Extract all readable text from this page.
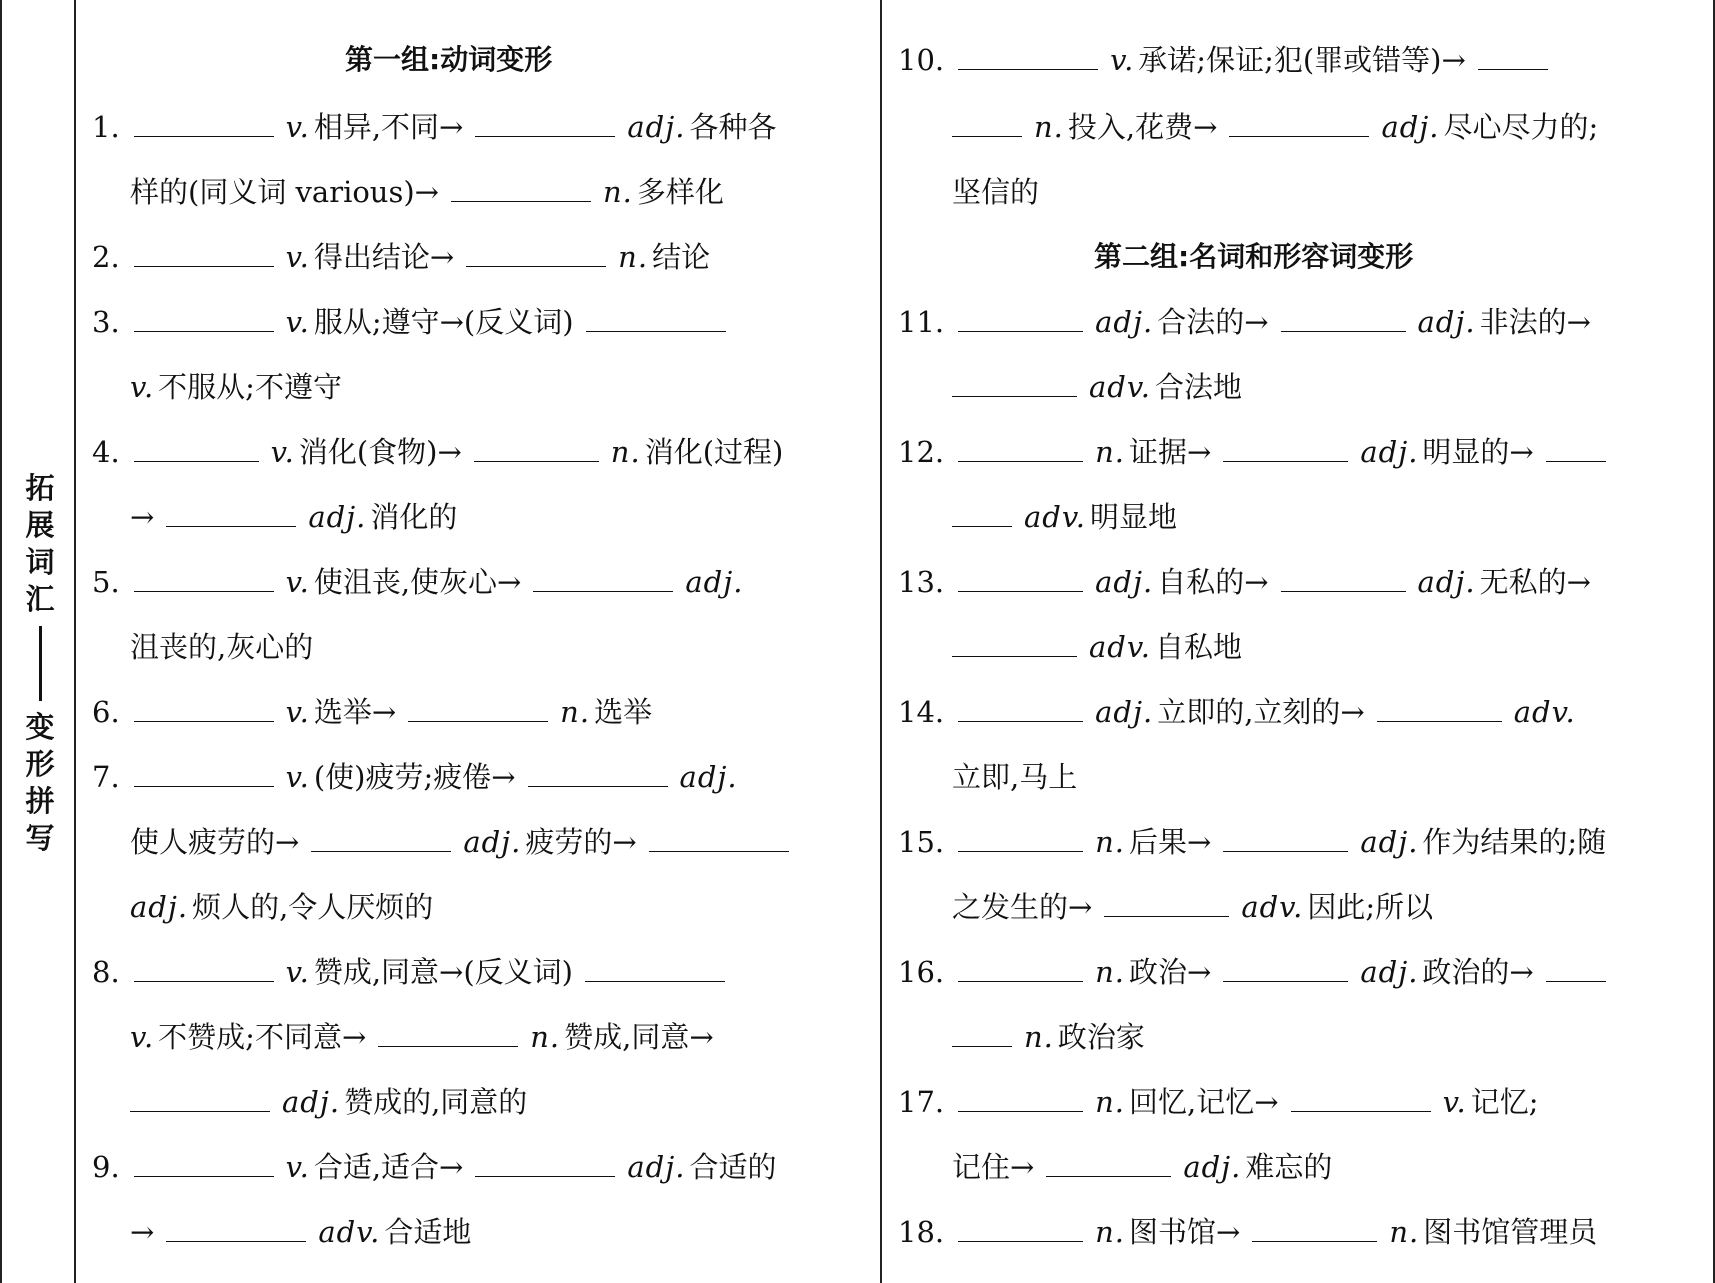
拓
展
词
汇
变
形
拼
写
第一组:动词变形
1.	v. 相异,不同→	adj. 各种各
样的(同义词 various)→	n. 多样化
2.	v. 得出结论→	n. 结论
3.	v. 服从;遵守→(反义词)
v. 不服从;不遵守
4.	v. 消化(食物)→	n. 消化(过程)
→	adj. 消化的
5.	v. 使沮丧,使灰心→	adj.
沮丧的,灰心的
6.	v. 选举→	n. 选举
7.	v. (使)疲劳;疲倦→	adj.
使人疲劳的→	adj. 疲劳的→
adj. 烦人的,令人厌烦的
8.	v. 赞成,同意→(反义词)
v. 不赞成;不同意→	n. 赞成,同意→
adj. 赞成的,同意的
9.	v. 合适,适合→	adj. 合适的
→	adv. 合适地
10.	v. 承诺;保证;犯(罪或错等)→
n. 投入,花费→	adj. 尽心尽力的;
坚信的
第二组:名词和形容词变形
11.	adj. 合法的→	adj. 非法的→
adv. 合法地
12.	n. 证据→	adj. 明显的→
adv. 明显地
13.	adj. 自私的→	adj. 无私的→
adv. 自私地
14.	adj. 立即的,立刻的→	adv.
立即,马上
15.	n. 后果→	adj. 作为结果的;随
之发生的→	adv. 因此;所以
16.	n. 政治→	adj. 政治的→
n. 政治家
17.	n. 回忆,记忆→	v. 记忆;
记住→	adj. 难忘的
18.	n. 图书馆→	n. 图书馆管理员
